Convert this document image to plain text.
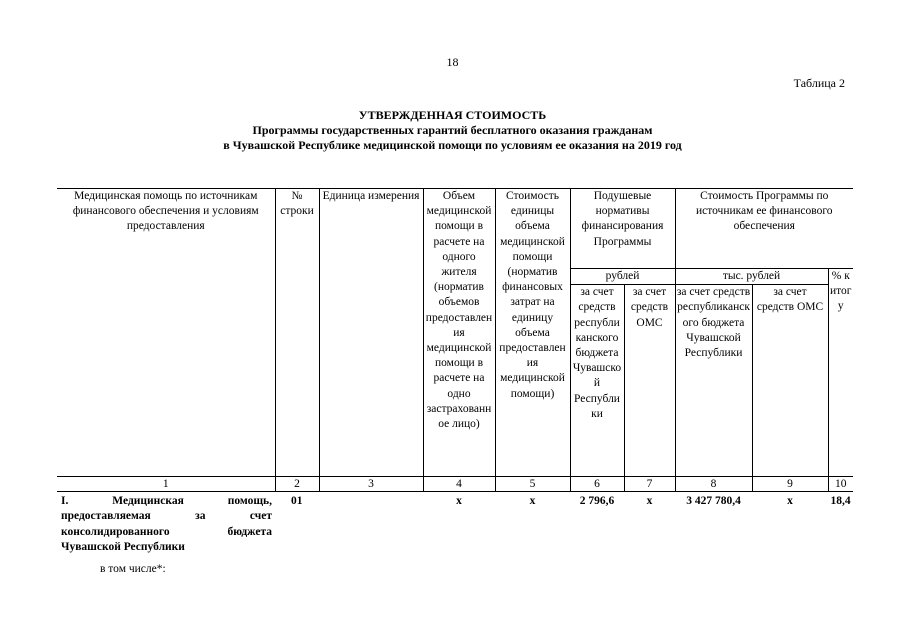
18
Таблица 2
УТВЕРЖДЕННАЯ СТОИМОСТЬ
Программы государственных гарантий бесплатного оказания гражданам
в Чувашской Республике медицинской помощи по условиям ее оказания на 2019 год
Медицинская помощь по источникам финансового обеспечения и условиям предоставления	№ строки	Единица измерения	Объем медицинской помощи в расчете на одного жителя (норматив объемов предоставления медицинской помощи в расчете на одно застрахованное лицо)	Стоимость единицы объема медицинской помощи (норматив финансовых затрат на единицу объема предоставления медицинской помощи)	Подушевые нормативы финансирования Программы		Стоимость Программы по источникам ее финансового обеспечения		
					рублей		тыс. рублей		% к итогу
					за счет средств республиканского бюджета Чувашской Республики	за счет средств ОМС	за счет средств республиканского бюджета Чувашской Республики	за счет средств ОМС	
1	2	3	4	5	6	7	8	9	10
I. Медицинская помощь, предоставляемая за счет консолидированного бюджета Чувашской Республики	01		х	х	2 796,6	х	3 427 780,4	х	18,4
в том числе*:
